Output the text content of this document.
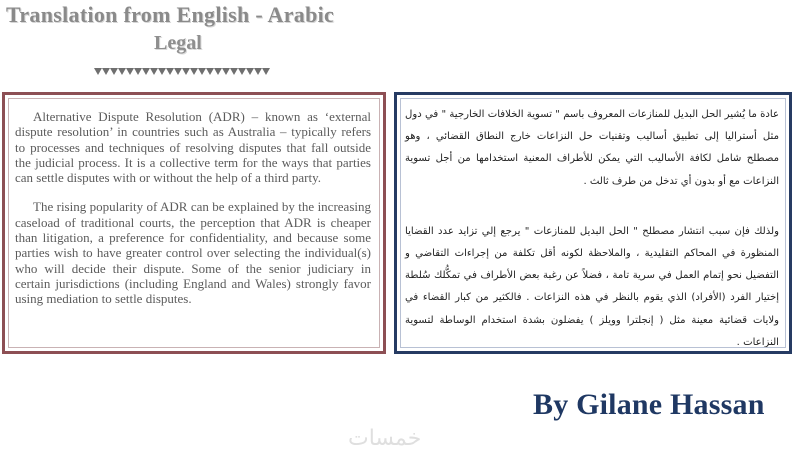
Translation from English - Arabic
Legal

Alternative Dispute Resolution (ADR) – known as ‘external dispute resolution’ in countries such as Australia – typically refers to processes and techniques of resolving disputes that fall outside the judicial process. It is a collective term for the ways that parties can settle disputes with or without the help of a third party.

The rising popularity of ADR can be explained by the increasing caseload of traditional courts, the perception that ADR is cheaper than litigation, a preference for confidentiality, and because some parties wish to have greater control over selecting the individual(s) who will decide their dispute. Some of the senior judiciary in certain jurisdictions (including England and Wales) strongly favor using mediation to settle disputes.

عادة ما يُشير الحل البديل للمنازعات المعروف باسم " تسوية الخلافات الخارجية " في دول مثل أستراليا إلى تطبيق أساليب وتقنيات حل النزاعات خارج النطاق القضائي ، وهو مصطلح شامل لكافة الأساليب التي يمكن للأطراف المعنية استخدامها من أجل تسوية النزاعات مع أو بدون أي تدخل من طرف ثالث .

ولذلك فإن سبب انتشار مصطلح " الحل البديل للمنازعات " يرجع إلي تزايد عدد القضايا المنظورة في المحاكم التقليدية ، والملاحظة لكونه أقل تكلفة من إجراءات التقاضي و التفضيل نحو إتمام العمل في سرية تامة ، فضلاً عن رغبة بعض الأطراف في تمكُّلك سُلطة إختيار الفرد (الأفراد) الذي يقوم بالنظر في هذه النزاعات . فالكثير من كبار القضاء في ولايات قضائية معينة مثل ( إنجلترا وويلز ) يفضلون بشدة استخدام الوساطة لتسوية النزاعات .

By Gilane Hassan
خمسات
